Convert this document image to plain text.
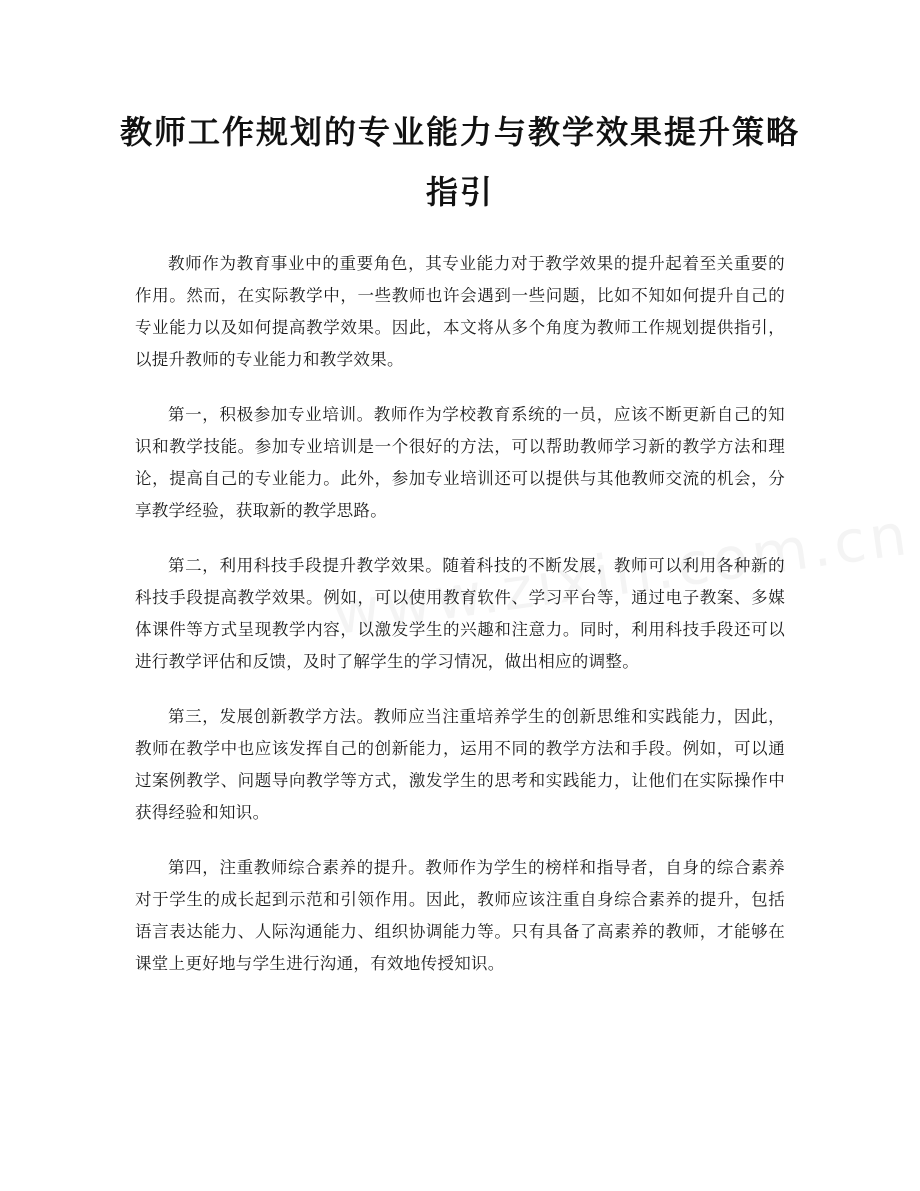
教师工作规划的专业能力与教学效果提升策略指引

教师作为教育事业中的重要角色，其专业能力对于教学效果的提升起着至关重要的作用。然而，在实际教学中，一些教师也许会遇到一些问题，比如不知如何提升自己的专业能力以及如何提高教学效果。因此，本文将从多个角度为教师工作规划提供指引，以提升教师的专业能力和教学效果。

第一，积极参加专业培训。教师作为学校教育系统的一员，应该不断更新自己的知识和教学技能。参加专业培训是一个很好的方法，可以帮助教师学习新的教学方法和理论，提高自己的专业能力。此外，参加专业培训还可以提供与其他教师交流的机会，分享教学经验，获取新的教学思路。

第二，利用科技手段提升教学效果。随着科技的不断发展，教师可以利用各种新的科技手段提高教学效果。例如，可以使用教育软件、学习平台等，通过电子教案、多媒体课件等方式呈现教学内容，以激发学生的兴趣和注意力。同时，利用科技手段还可以进行教学评估和反馈，及时了解学生的学习情况，做出相应的调整。

第三，发展创新教学方法。教师应当注重培养学生的创新思维和实践能力，因此，教师在教学中也应该发挥自己的创新能力，运用不同的教学方法和手段。例如，可以通过案例教学、问题导向教学等方式，激发学生的思考和实践能力，让他们在实际操作中获得经验和知识。

第四，注重教师综合素养的提升。教师作为学生的榜样和指导者，自身的综合素养对于学生的成长起到示范和引领作用。因此，教师应该注重自身综合素养的提升，包括语言表达能力、人际沟通能力、组织协调能力等。只有具备了高素养的教师，才能够在课堂上更好地与学生进行沟通，有效地传授知识。
